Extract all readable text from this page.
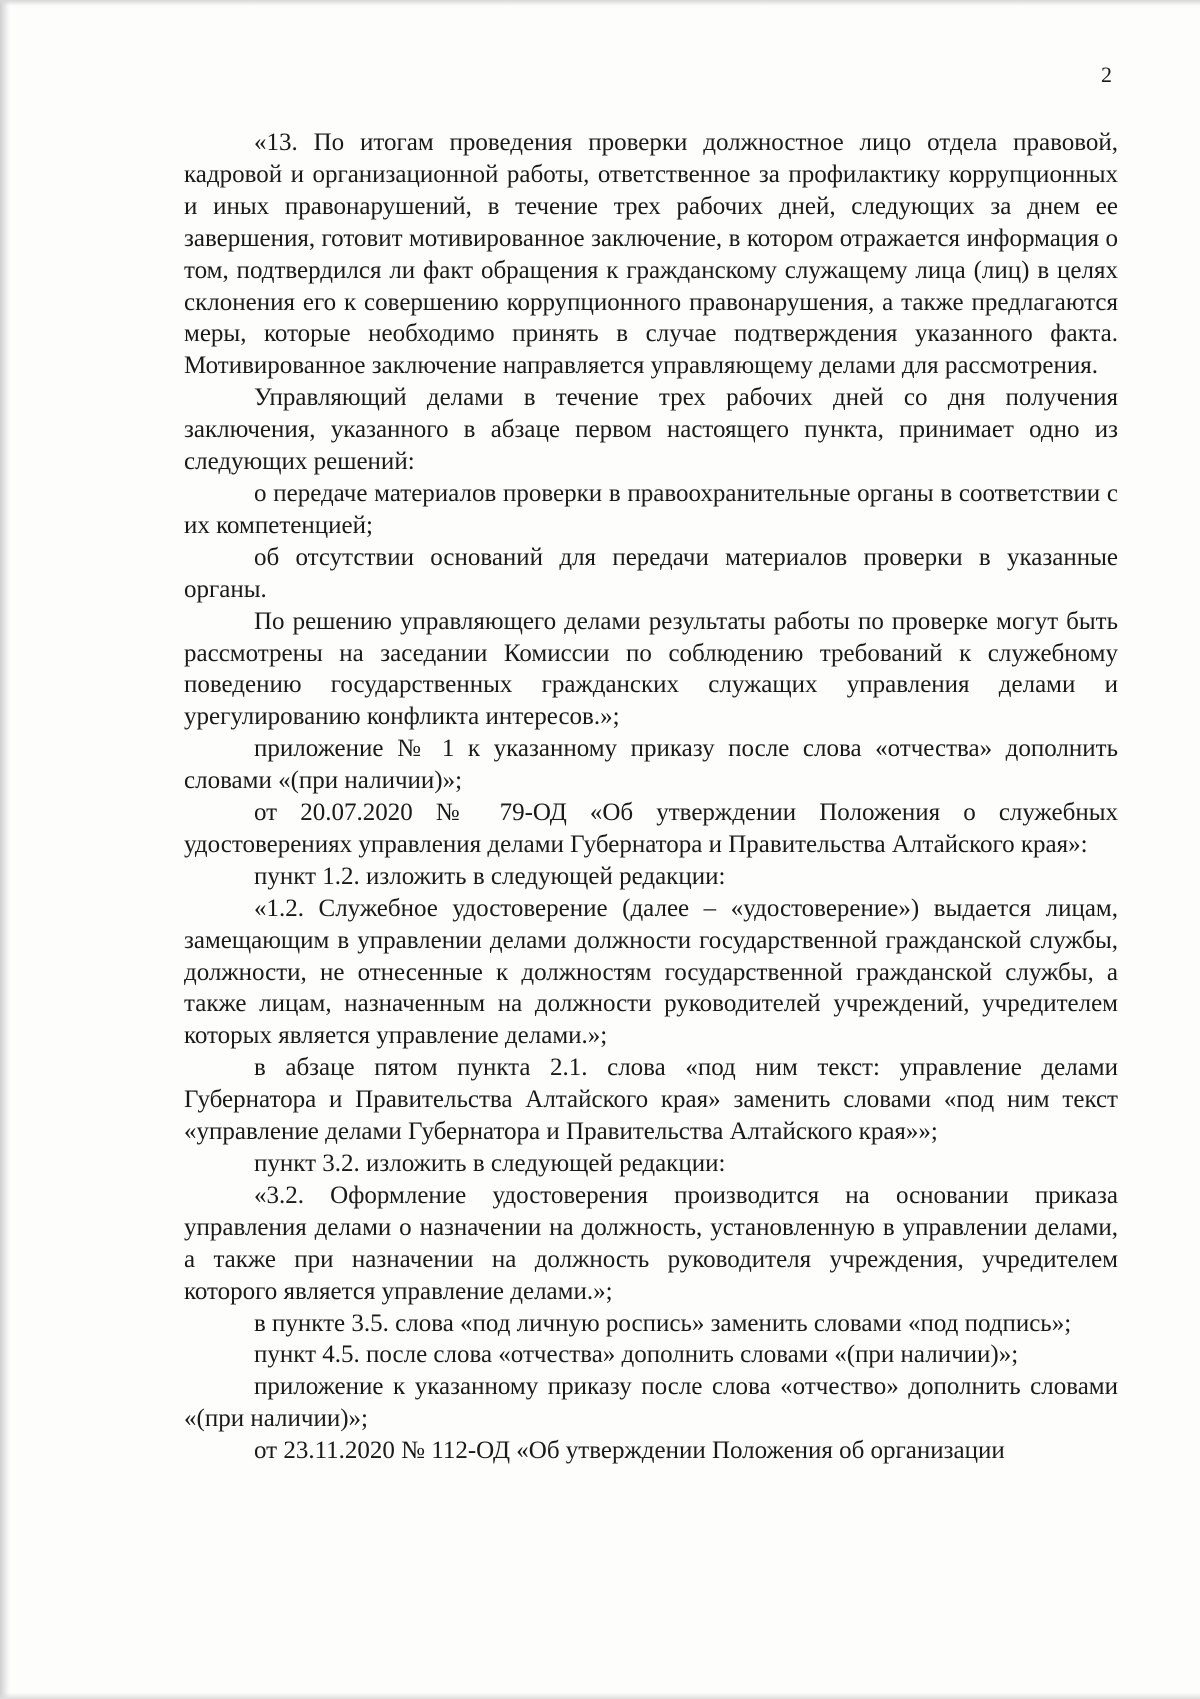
2

«13. По итогам проведения проверки должностное лицо отдела правовой, кадровой и организационной работы, ответственное за профилактику коррупционных и иных правонарушений, в течение трех рабочих дней, следующих за днем ее завершения, готовит мотивированное заключение, в котором отражается информация о том, подтвердился ли факт обращения к гражданскому служащему лица (лиц) в целях склонения его к совершению коррупционного правонарушения, а также предлагаются меры, которые необходимо принять в случае подтверждения указанного факта. Мотивированное заключение направляется управляющему делами для рассмотрения.

Управляющий делами в течение трех рабочих дней со дня получения заключения, указанного в абзаце первом настоящего пункта, принимает одно из следующих решений:

о передаче материалов проверки в правоохранительные органы в соответствии с их компетенцией;

об отсутствии оснований для передачи материалов проверки в указанные органы.

По решению управляющего делами результаты работы по проверке могут быть рассмотрены на заседании Комиссии по соблюдению требований к служебному поведению государственных гражданских служащих управления делами и урегулированию конфликта интересов.»;

приложение № 1 к указанному приказу после слова «отчества» дополнить словами «(при наличии)»;

от 20.07.2020 № 79-ОД «Об утверждении Положения о служебных удостоверениях управления делами Губернатора и Правительства Алтайского края»:

пункт 1.2. изложить в следующей редакции:

«1.2. Служебное удостоверение (далее – «удостоверение») выдается лицам, замещающим в управлении делами должности государственной гражданской службы, должности, не отнесенные к должностям государственной гражданской службы, а также лицам, назначенным на должности руководителей учреждений, учредителем которых является управление делами.»;

в абзаце пятом пункта 2.1. слова «под ним текст: управление делами Губернатора и Правительства Алтайского края» заменить словами «под ним текст «управление делами Губернатора и Правительства Алтайского края»»;

пункт 3.2. изложить в следующей редакции:

«3.2. Оформление удостоверения производится на основании приказа управления делами о назначении на должность, установленную в управлении делами, а также при назначении на должность руководителя учреждения, учредителем которого является управление делами.»;

в пункте 3.5. слова «под личную роспись» заменить словами «под подпись»;

пункт 4.5. после слова «отчества» дополнить словами «(при наличии)»;

приложение к указанному приказу после слова «отчество» дополнить словами «(при наличии)»;

от 23.11.2020 № 112-ОД «Об утверждении Положения об организации
